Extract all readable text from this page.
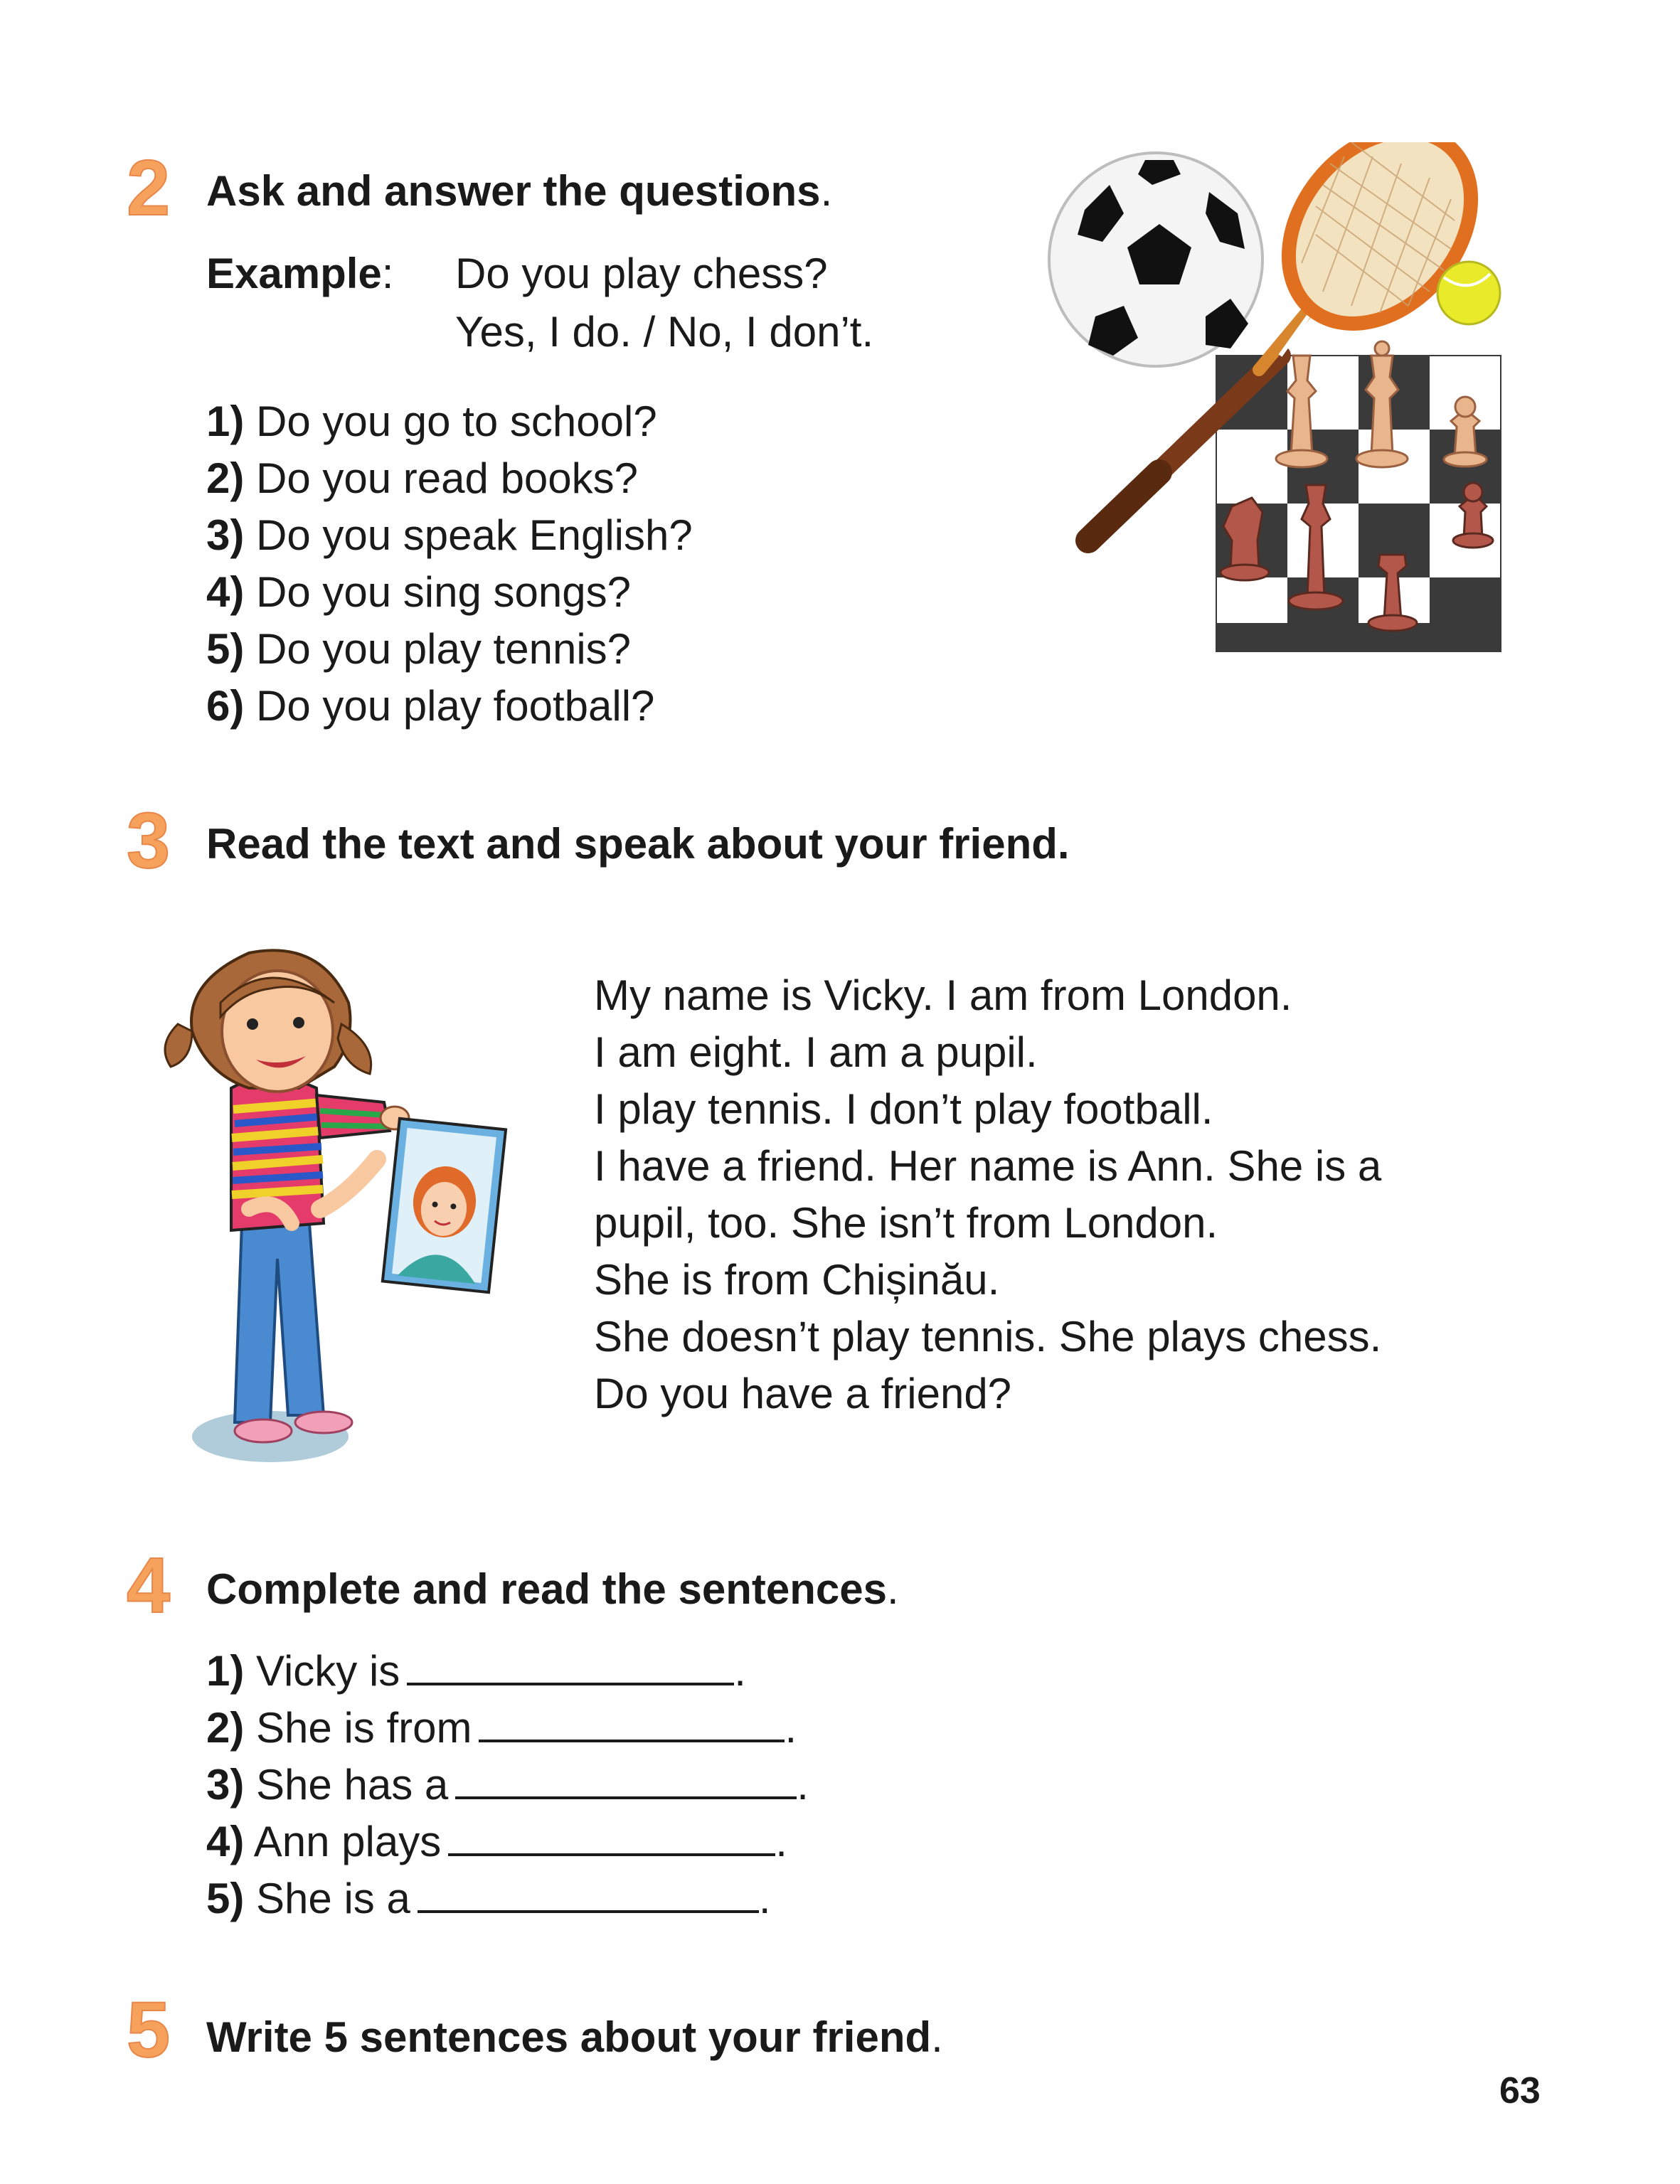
2 Ask and answer the questions.
Example: Do you play chess?
Yes, I do. / No, I don’t.
1) Do you go to school?
2) Do you read books?
3) Do you speak English?
4) Do you sing songs?
5) Do you play tennis?
6) Do you play football?
3 Read the text and speak about your friend.
My name is Vicky. I am from London.
I am eight. I am a pupil.
I play tennis. I don’t play football.
I have a friend. Her name is Ann. She is a
pupil, too. She isn’t from London.
She is from Chișinău.
She doesn’t play tennis. She plays chess.
Do you have a friend?
4 Complete and read the sentences.
1) Vicky is	.
2) She is from	.
3) She has a	.
4) Ann plays	.
5) She is a	.
5 Write 5 sentences about your friend.
63
